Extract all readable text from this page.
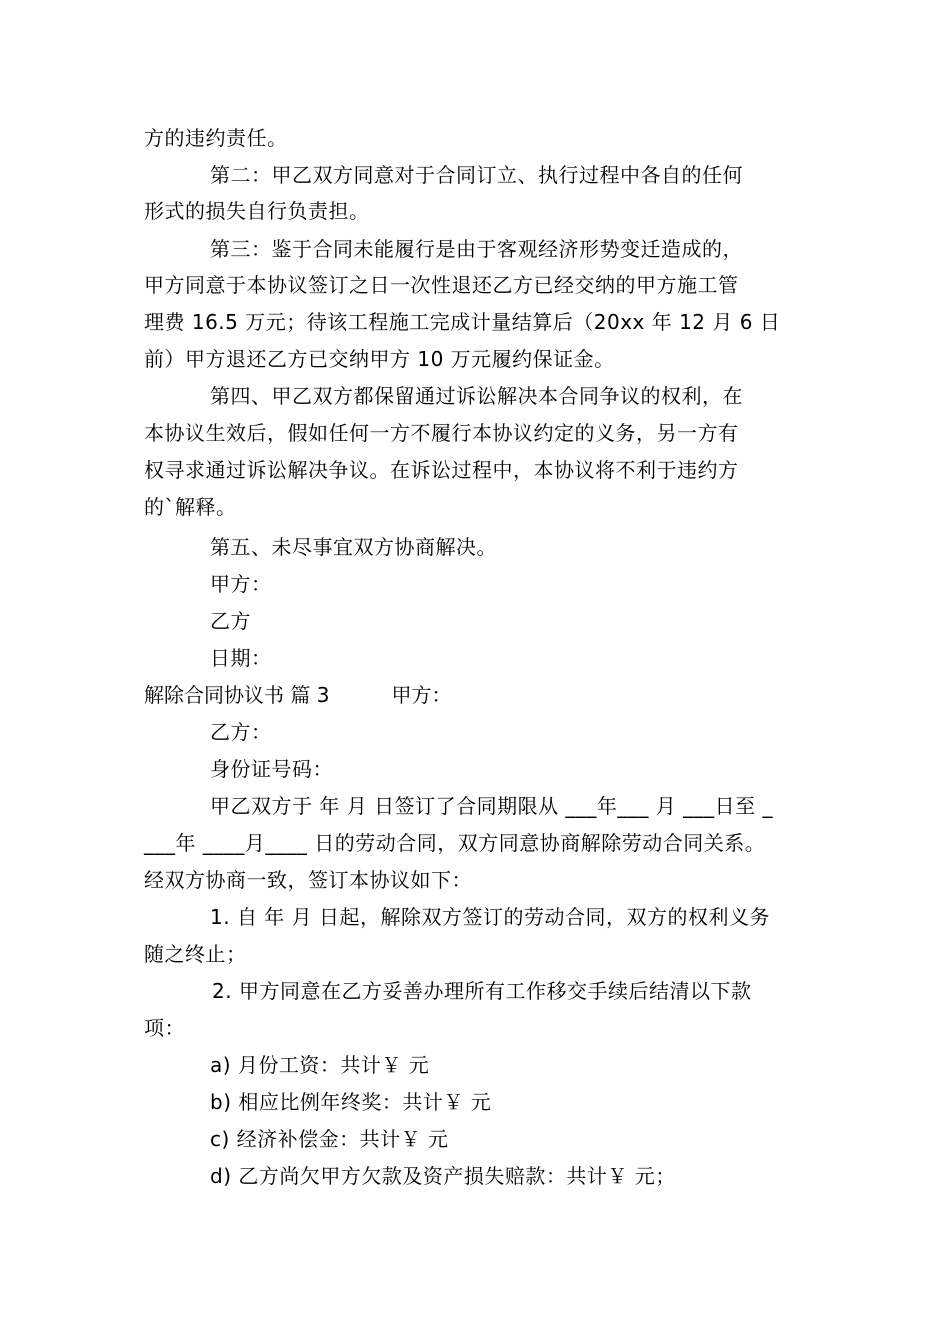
方的违约责任。
第二：甲乙双方同意对于合同订立、执行过程中各自的任何
形式的损失自行负责担。
第三：鉴于合同未能履行是由于客观经济形势变迁造成的，
甲方同意于本协议签订之日一次性退还乙方已经交纳的甲方施工管
理费 16.5 万元；待该工程施工完成计量结算后（20xx 年 12 月 6 日
前）甲方退还乙方已交纳甲方 10 万元履约保证金。
第四、甲乙双方都保留通过诉讼解决本合同争议的权利，在
本协议生效后，假如任何一方不履行本协议约定的义务，另一方有
权寻求通过诉讼解决争议。在诉讼过程中，本协议将不利于违约方
的`解释。
第五、未尽事宜双方协商解决。
甲方：
乙方
日期：
解除合同协议书 篇 3	甲方：
乙方：
身份证号码：
甲乙双方于 年 月 日签订了合同期限从 ___年___ 月 ___日至 _
___年 ____月____ 日的劳动合同，双方同意协商解除劳动合同关系。
经双方协商一致，签订本协议如下：
1. 自 年 月 日起，解除双方签订的劳动合同，双方的权利义务
随之终止；
2. 甲方同意在乙方妥善办理所有工作移交手续后结清以下款
项：
a) 月份工资：共计￥ 元
b) 相应比例年终奖：共计￥ 元
c) 经济补偿金：共计￥ 元
d) 乙方尚欠甲方欠款及资产损失赔款：共计￥ 元；
